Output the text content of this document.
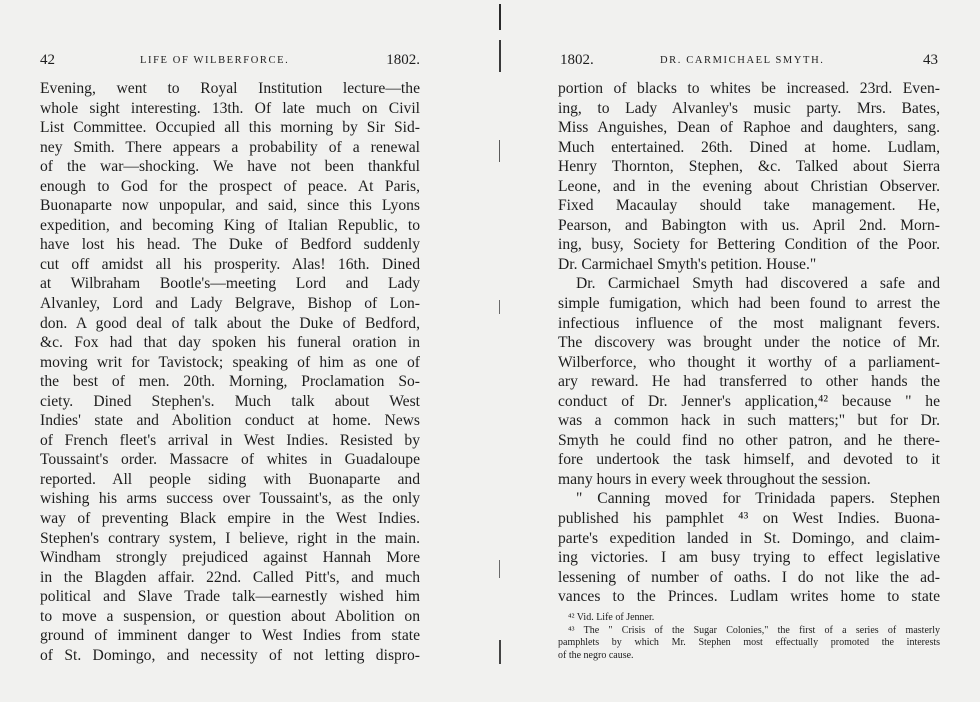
42	LIFE OF WILBERFORCE.	1802.
Evening, went to Royal Institution lecture—the
whole sight interesting. 13th. Of late much on Civil
List Committee. Occupied all this morning by Sir Sid-
ney Smith. There appears a probability of a renewal
of the war—shocking. We have not been thankful
enough to God for the prospect of peace. At Paris,
Buonaparte now unpopular, and said, since this Lyons
expedition, and becoming King of Italian Republic, to
have lost his head. The Duke of Bedford suddenly
cut off amidst all his prosperity. Alas! 16th. Dined
at Wilbraham Bootle's—meeting Lord and Lady
Alvanley, Lord and Lady Belgrave, Bishop of Lon-
don. A good deal of talk about the Duke of Bedford,
&c. Fox had that day spoken his funeral oration in
moving writ for Tavistock; speaking of him as one of
the best of men. 20th. Morning, Proclamation So-
ciety. Dined Stephen's. Much talk about West
Indies' state and Abolition conduct at home. News
of French fleet's arrival in West Indies. Resisted by
Toussaint's order. Massacre of whites in Guadaloupe
reported. All people siding with Buonaparte and
wishing his arms success over Toussaint's, as the only
way of preventing Black empire in the West Indies.
Stephen's contrary system, I believe, right in the main.
Windham strongly prejudiced against Hannah More
in the Blagden affair. 22nd. Called Pitt's, and much
political and Slave Trade talk—earnestly wished him
to move a suspension, or question about Abolition on
ground of imminent danger to West Indies from state
of St. Domingo, and necessity of not letting dispro-
1802.	DR. CARMICHAEL SMYTH.	43
portion of blacks to whites be increased. 23rd. Even-
ing, to Lady Alvanley's music party. Mrs. Bates,
Miss Anguishes, Dean of Raphoe and daughters, sang.
Much entertained. 26th. Dined at home. Ludlam,
Henry Thornton, Stephen, &c. Talked about Sierra
Leone, and in the evening about Christian Observer.
Fixed Macaulay should take management. He,
Pearson, and Babington with us. April 2nd. Morn-
ing, busy, Society for Bettering Condition of the Poor.
Dr. Carmichael Smyth's petition. House."
Dr. Carmichael Smyth had discovered a safe and
simple fumigation, which had been found to arrest the
infectious influence of the most malignant fevers.
The discovery was brought under the notice of Mr.
Wilberforce, who thought it worthy of a parliament-
ary reward. He had transferred to other hands the
conduct of Dr. Jenner's application,⁴² because " he
was a common hack in such matters;" but for Dr.
Smyth he could find no other patron, and he there-
fore undertook the task himself, and devoted to it
many hours in every week throughout the session.
" Canning moved for Trinidada papers. Stephen
published his pamphlet ⁴³ on West Indies. Buona-
parte's expedition landed in St. Domingo, and claim-
ing victories. I am busy trying to effect legislative
lessening of number of oaths. I do not like the ad-
vances to the Princes. Ludlam writes home to state
⁴² Vid. Life of Jenner.
⁴³ The " Crisis of the Sugar Colonies," the first of a series of masterly
pamphlets by which Mr. Stephen most effectually promoted the interests
of the negro cause.
